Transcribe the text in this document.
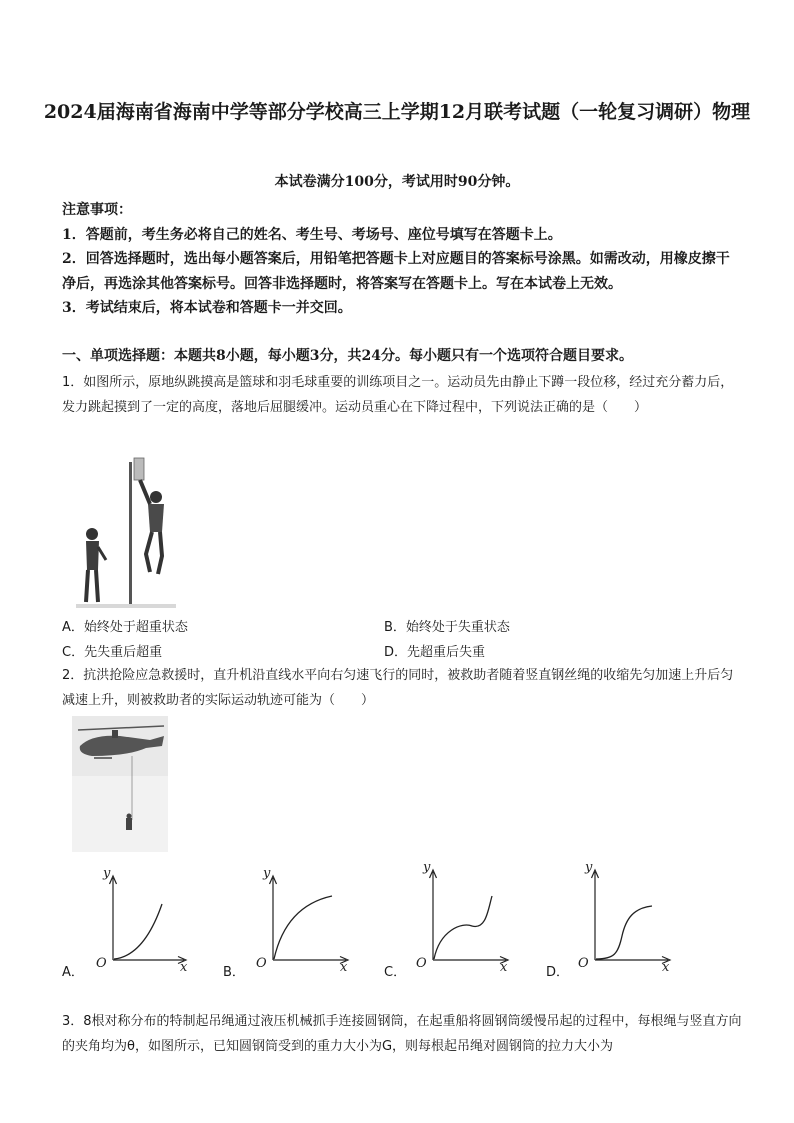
2024届海南省海南中学等部分学校高三上学期12月联考试题（一轮复习调研）物理
本试卷满分100分，考试用时90分钟。
注意事项：
1．答题前，考生务必将自己的姓名、考生号、考场号、座位号填写在答题卡上。
2．回答选择题时，选出每小题答案后，用铅笔把答题卡上对应题目的答案标号涂黑。如需改动，用橡皮擦干净后，再选涂其他答案标号。回答非选择题时，将答案写在答题卡上。写在本试卷上无效。
3．考试结束后，将本试卷和答题卡一并交回。
一、单项选择题：本题共8小题，每小题3分，共24分。每小题只有一个选项符合题目要求。
1．如图所示，原地纵跳摸高是篮球和羽毛球重要的训练项目之一。运动员先由静止下蹲一段位移，经过充分蓄力后，发力跳起摸到了一定的高度，落地后屈腿缓冲。运动员重心在下降过程中，下列说法正确的是（　　）
A．始终处于超重状态	B．始终处于失重状态
C．先失重后超重	D．先超重后失重
2．抗洪抢险应急救援时，直升机沿直线水平向右匀速飞行的同时，被救助者随着竖直钢丝绳的收缩先匀加速上升后匀减速上升，则被救助者的实际运动轨迹可能为（　　）
A．
y
x
O
B．
y
x
O
C．
y
x
O
D．
y
x
O
3．8根对称分布的特制起吊绳通过液压机械抓手连接圆钢筒，在起重船将圆钢筒缓慢吊起的过程中，每根绳与竖直方向的夹角均为θ，如图所示，已知圆钢筒受到的重力大小为G，则每根起吊绳对圆钢筒的拉力大小为
